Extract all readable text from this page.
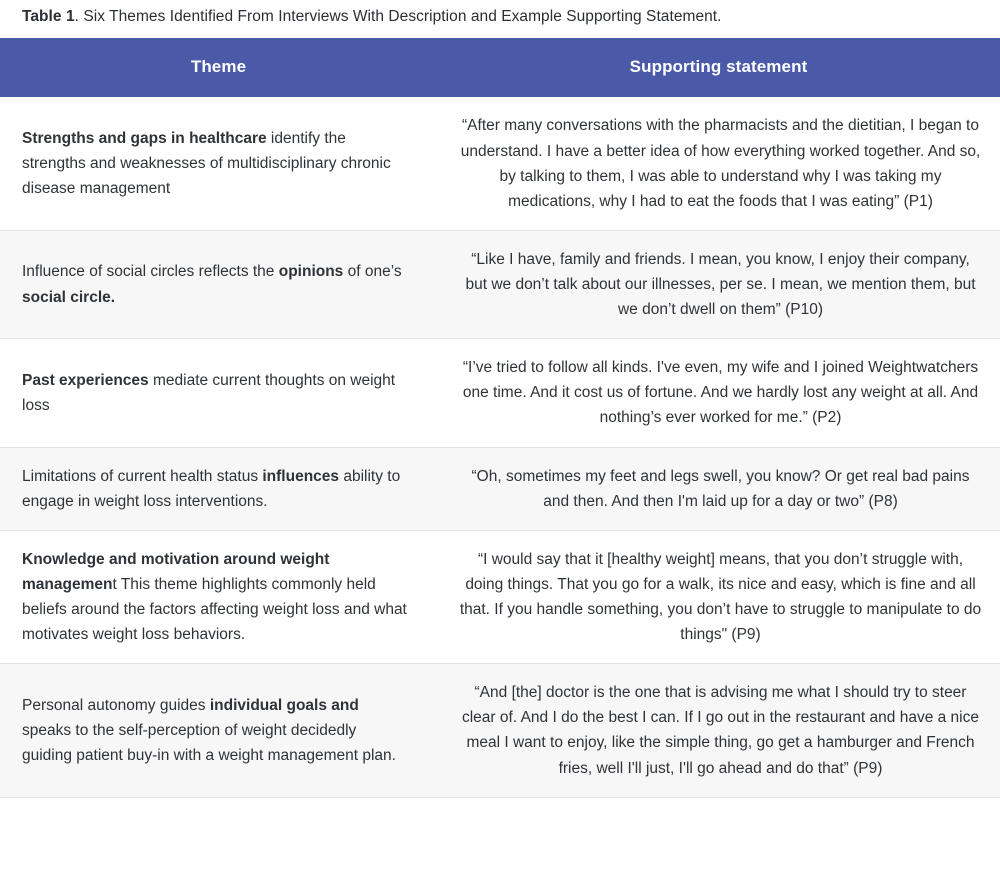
Table 1. Six Themes Identified From Interviews With Description and Example Supporting Statement.
Theme	Supporting statement
Strengths and gaps in healthcare identify the strengths and weaknesses of multidisciplinary chronic disease management	“After many conversations with the pharmacists and the dietitian, I began to understand. I have a better idea of how everything worked together. And so, by talking to them, I was able to understand why I was taking my medications, why I had to eat the foods that I was eating” (P1)
Influence of social circles reflects the opinions of one’s social circle.	“Like I have, family and friends. I mean, you know, I enjoy their company, but we don’t talk about our illnesses, per se. I mean, we mention them, but we don’t dwell on them” (P10)
Past experiences mediate current thoughts on weight loss	“I’ve tried to follow all kinds. I've even, my wife and I joined Weightwatchers one time. And it cost us of fortune. And we hardly lost any weight at all. And nothing’s ever worked for me.” (P2)
Limitations of current health status influences ability to engage in weight loss interventions.	“Oh, sometimes my feet and legs swell, you know? Or get real bad pains and then. And then I'm laid up for a day or two” (P8)
Knowledge and motivation around weight management This theme highlights commonly held beliefs around the factors affecting weight loss and what motivates weight loss behaviors.	“I would say that it [healthy weight] means, that you don’t struggle with, doing things. That you go for a walk, its nice and easy, which is fine and all that. If you handle something, you don’t have to struggle to manipulate to do things" (P9)
Personal autonomy guides individual goals and speaks to the self-perception of weight decidedly guiding patient buy-in with a weight management plan.	“And [the] doctor is the one that is advising me what I should try to steer clear of. And I do the best I can. If I go out in the restaurant and have a nice meal I want to enjoy, like the simple thing, go get a hamburger and French fries, well I'll just, I'll go ahead and do that” (P9)
